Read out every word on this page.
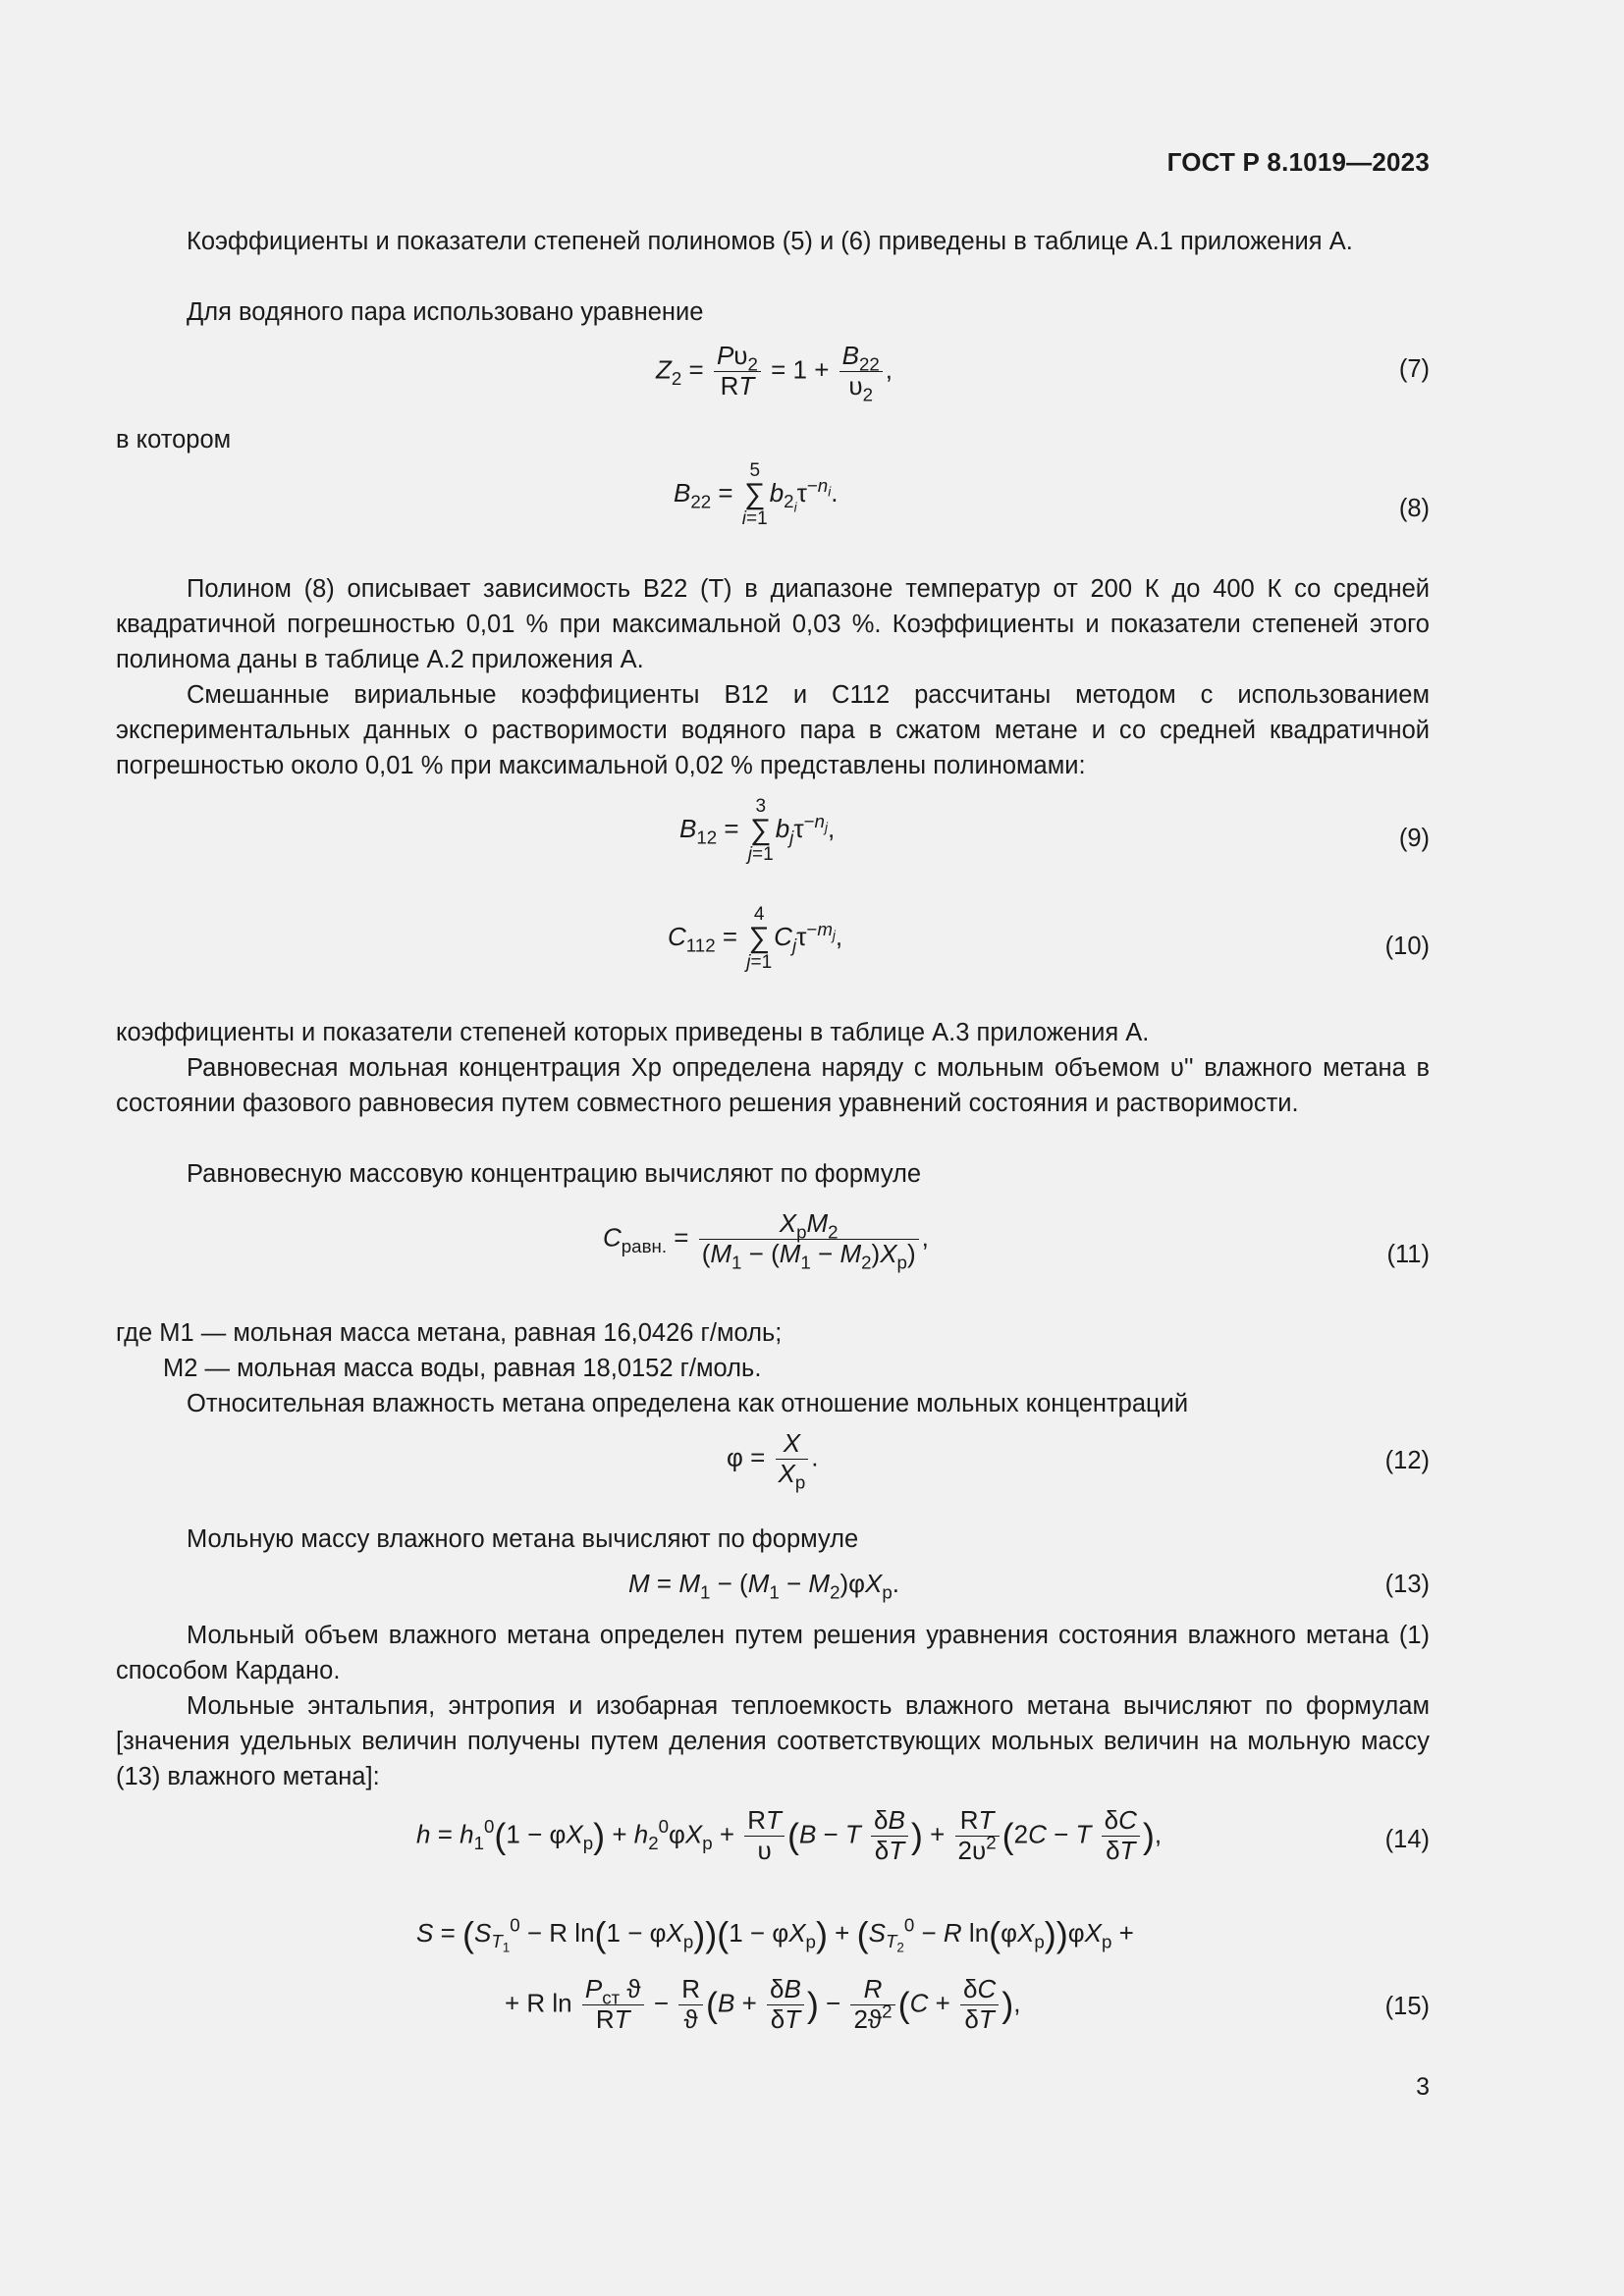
ГОСТ Р 8.1019—2023
Коэффициенты и показатели степеней полиномов (5) и (6) приведены в таблице А.1 приложения А.
Для водяного пара использовано уравнение
$Z_2 = \frac{P\upsilon_2}{RT} = 1 + \frac{B_{22}}{\upsilon_2}$ ,	(7)
в котором
$B_{22}$ =
5
∑
i=1
$b_{2_i}\tau^{-n_i}$.
(8)
Полином (8) описывает зависимость B22 (T) в диапазоне температур от 200 К до 400 К со средней квадратичной погрешностью 0,01 % при максимальной 0,03 %. Коэффициенты и показатели степеней этого полинома даны в таблице А.2 приложения А.
Смешанные вириальные коэффициенты B12 и C112 рассчитаны методом с использованием экспериментальных данных о растворимости водяного пара в сжатом метане и со средней квадратичной погрешностью около 0,01 % при максимальной 0,02 % представлены полиномами:
$B_{12}$ =
3
∑
j=1
$b_j\tau^{-n_j}$,	(9)
$C_{112}$ =
4
∑
j=1
$C_j\tau^{-m_j}$,	(10)
коэффициенты и показатели степеней которых приведены в таблице А.3 приложения А.
Равновесная мольная концентрация Xp определена наряду с мольным объемом υ'' влажного метана в состоянии фазового равновесия путем совместного решения уравнений состояния и растворимости.
Равновесную массовую концентрацию вычисляют по формуле
$C_{равн.} = \frac{X_pM_2}{(M_1 - (M_1 - M_2)X_p)}$ ,
(11)
где M1 — мольная масса метана, равная 16,0426 г/моль;
M2 — мольная масса воды, равная 18,0152 г/моль.
Относительная влажность метана определена как отношение мольных концентраций
$\varphi = \frac{X}{X_p}$ .	(12)
Мольную массу влажного метана вычисляют по формуле
$M = M_1 - (M_1 - M_2)\varphi X_p$.	(13)
Мольный объем влажного метана определен путем решения уравнения состояния влажного метана (1) способом Кардано.
Мольные энтальпия, энтропия и изобарная теплоемкость влажного метана вычисляют по формулам [значения удельных величин получены путем деления соответствующих мольных величин на мольную массу (13) влажного метана]:
$h = h_1^0(1 - \varphi X_p) + h_2^0\varphi X_p + \frac{RT}{\upsilon} (B - T \frac{\delta B}{\delta T}$ ) + $\frac{RT}{2\upsilon^2} (2C - T \frac{\delta C}{\delta T}$ ),	(14)
$S = (S_{T_1}^0 - R$ $\ln(1 - \varphi X_p))(1 - \varphi X_p) + (S_{T_2}^0 - R$ $\ln(\varphi X_p))\varphi X_p$ +
+ R $\ln \frac{P_{ст} ϑ}{RT} - \frac{R}{ϑ} (B + \frac{\delta B}{\delta T}$ ) − $\frac{R}{2ϑ^2} (C + \frac{\delta C}{\delta T}$ ),	(15)
3
